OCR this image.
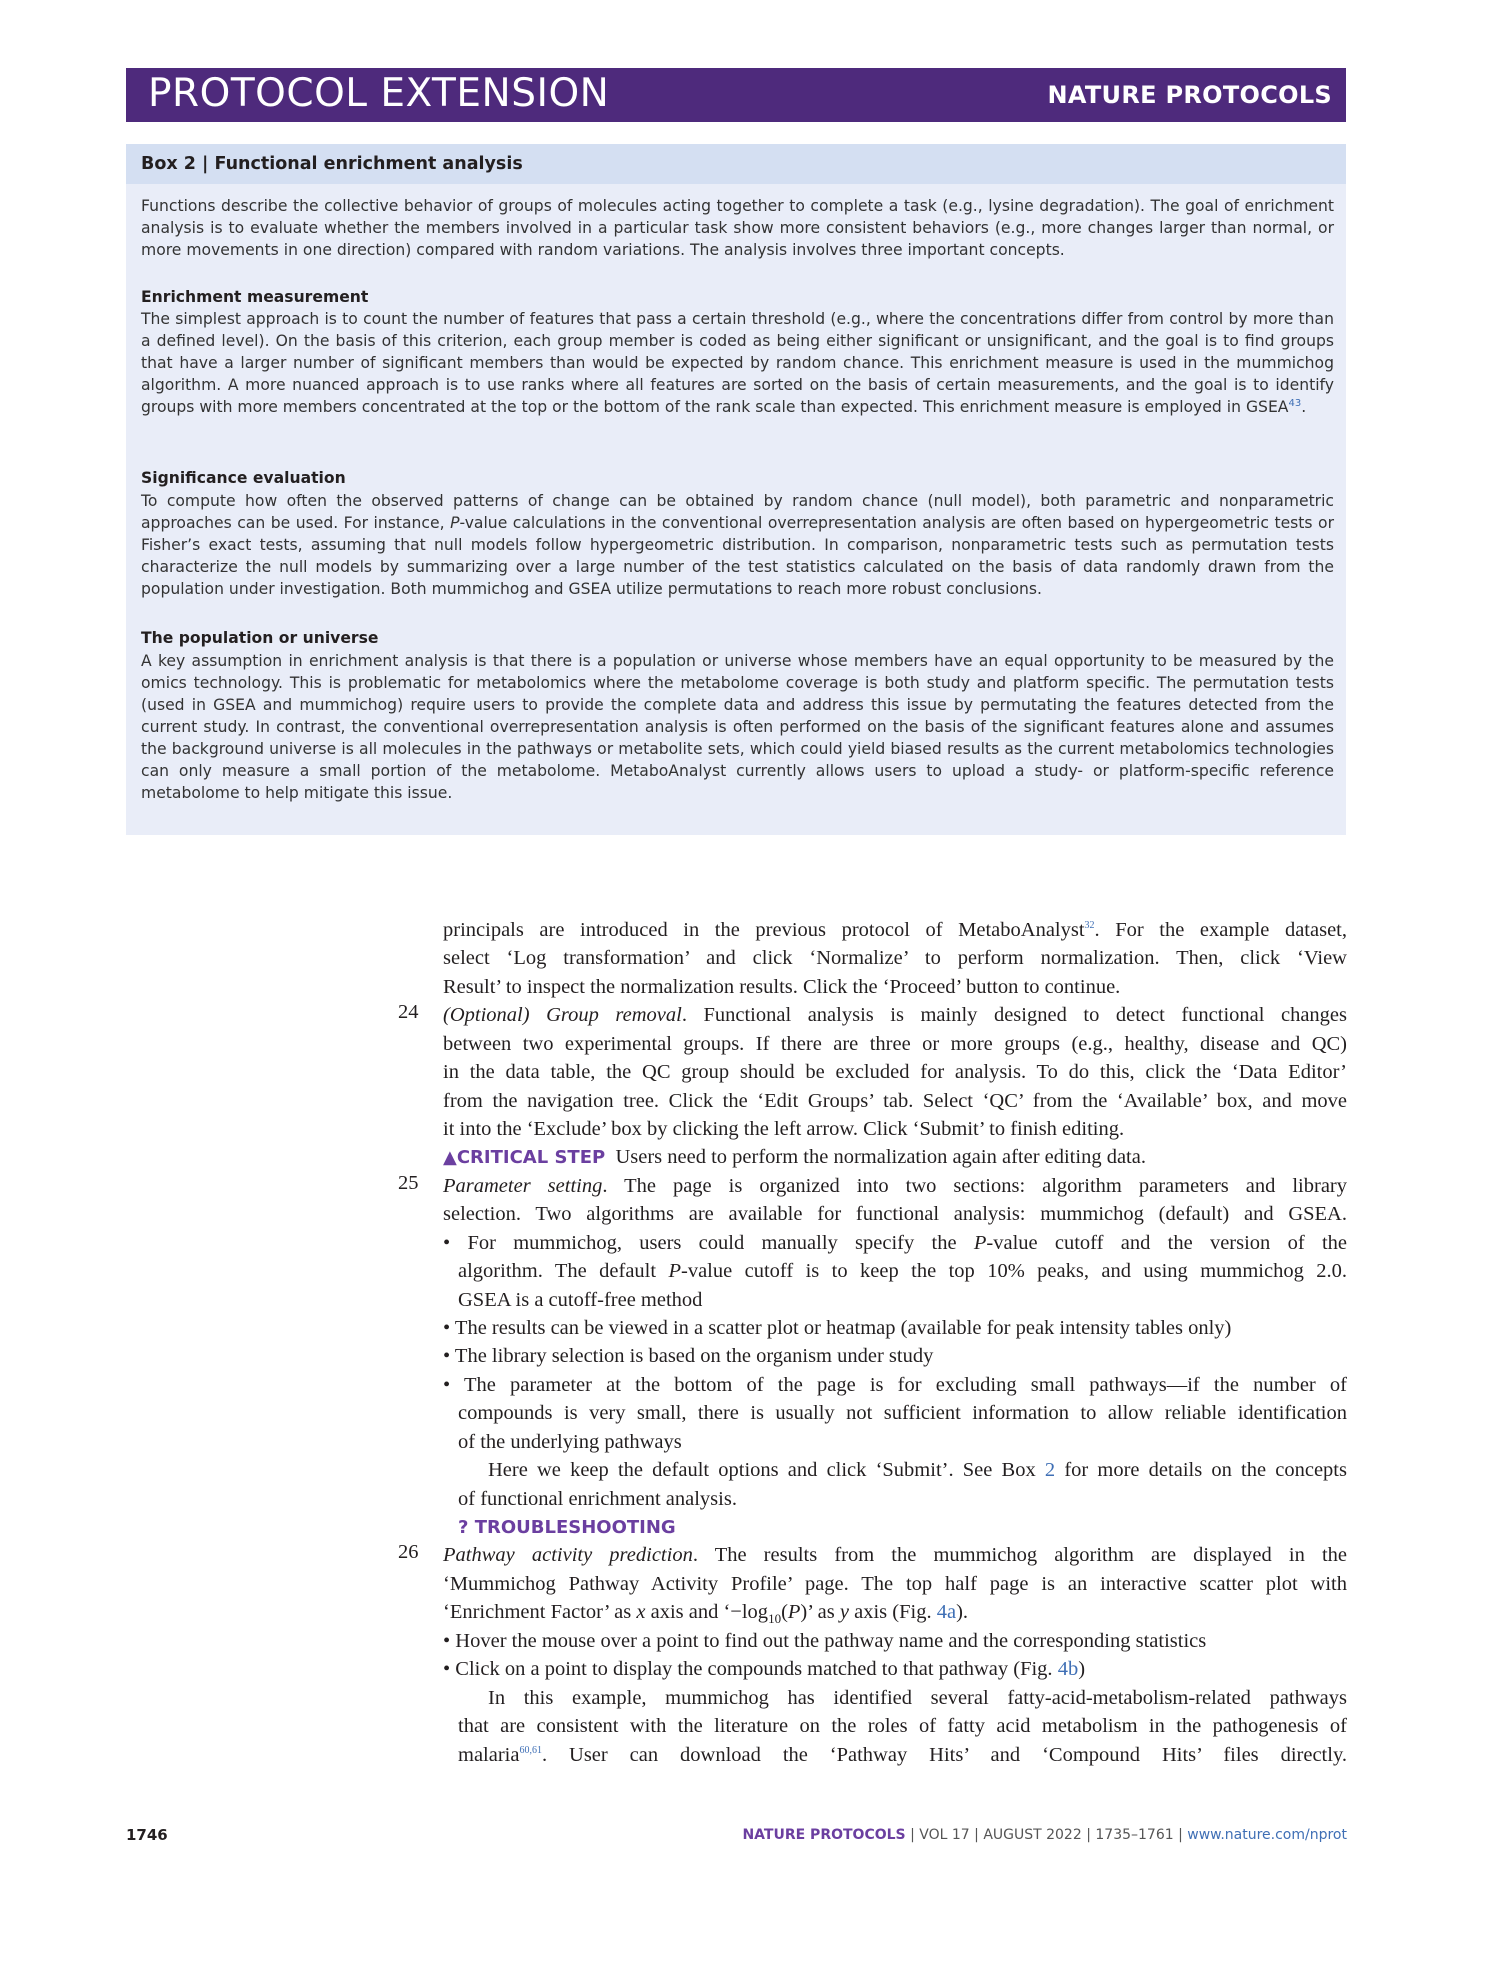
PROTOCOL EXTENSION	NATURE PROTOCOLS
Box 2 | Functional enrichment analysis

Functions describe the collective behavior of groups of molecules acting together to complete a task (e.g., lysine degradation). The goal of enrichment analysis is to evaluate whether the members involved in a particular task show more consistent behaviors (e.g., more changes larger than normal, or more movements in one direction) compared with random variations. The analysis involves three important concepts.

Enrichment measurement

The simplest approach is to count the number of features that pass a certain threshold (e.g., where the concentrations differ from control by more than a defined level). On the basis of this criterion, each group member is coded as being either significant or unsignificant, and the goal is to find groups that have a larger number of significant members than would be expected by random chance. This enrichment measure is used in the mummichog algorithm. A more nuanced approach is to use ranks where all features are sorted on the basis of certain measurements, and the goal is to identify groups with more members concentrated at the top or the bottom of the rank scale than expected. This enrichment measure is employed in GSEA$^{43}$.

Significance evaluation

To compute how often the observed patterns of change can be obtained by random chance (null model), both parametric and nonparametric approaches can be used. For instance, P-value calculations in the conventional overrepresentation analysis are often based on hypergeometric tests or Fisher’s exact tests, assuming that null models follow hypergeometric distribution. In comparison, nonparametric tests such as permutation tests characterize the null models by summarizing over a large number of the test statistics calculated on the basis of data randomly drawn from the population under investigation. Both mummichog and GSEA utilize permutations to reach more robust conclusions.

The population or universe

A key assumption in enrichment analysis is that there is a population or universe whose members have an equal opportunity to be measured by the omics technology. This is problematic for metabolomics where the metabolome coverage is both study and platform specific. The permutation tests (used in GSEA and mummichog) require users to provide the complete data and address this issue by permutating the features detected from the current study. In contrast, the conventional overrepresentation analysis is often performed on the basis of the significant features alone and assumes the background universe is all molecules in the pathways or metabolite sets, which could yield biased results as the current metabolomics technologies can only measure a small portion of the metabolome. MetaboAnalyst currently allows users to upload a study- or platform-specific reference metabolome to help mitigate this issue.

principals are introduced in the previous protocol of MetaboAnalyst$^{32}$. For the example dataset,
select ‘Log transformation’ and click ‘Normalize’ to perform normalization. Then, click ‘View
Result’ to inspect the normalization results. Click the ‘Proceed’ button to continue.
(Optional) Group removal. Functional analysis is mainly designed to detect functional changes
between two experimental groups. If there are three or more groups (e.g., healthy, disease and QC)
in the data table, the QC group should be excluded for analysis. To do this, click the ‘Data Editor’
from the navigation tree. Click the ‘Edit Groups’ tab. Select ‘QC’ from the ‘Available’ box, and move
it into the ‘Exclude’ box by clicking the left arrow. Click ‘Submit’ to finish editing.
▲CRITICAL STEP Users need to perform the normalization again after editing data.
Parameter setting. The page is organized into two sections: algorithm parameters and library
selection. Two algorithms are available for functional analysis: mummichog (default) and GSEA.
• For mummichog, users could manually specify the P-value cutoff and the version of the
algorithm. The default P-value cutoff is to keep the top 10% peaks, and using mummichog 2.0.
GSEA is a cutoff-free method
• The results can be viewed in a scatter plot or heatmap (available for peak intensity tables only)
• The library selection is based on the organism under study
• The parameter at the bottom of the page is for excluding small pathways—if the number of
compounds is very small, there is usually not sufficient information to allow reliable identification
of the underlying pathways
Here we keep the default options and click ‘Submit’. See Box 2 for more details on the concepts
of functional enrichment analysis.
? TROUBLESHOOTING
Pathway activity prediction. The results from the mummichog algorithm are displayed in the
‘Mummichog Pathway Activity Profile’ page. The top half page is an interactive scatter plot with
‘Enrichment Factor’ as x axis and ‘$-\log_{10}(P)$’ as y axis (Fig. 4a).
• Hover the mouse over a point to find out the pathway name and the corresponding statistics
• Click on a point to display the compounds matched to that pathway (Fig. 4b)
In this example, mummichog has identified several fatty-acid-metabolism-related pathways
that are consistent with the literature on the roles of fatty acid metabolism in the pathogenesis of
malaria$^{60,61}$. User can download the ‘Pathway Hits’ and ‘Compound Hits’ files directly.
24
25
26
1746	NATURE PROTOCOLS | VOL 17 | AUGUST 2022 | 1735–1761 | www.nature.com/nprot
